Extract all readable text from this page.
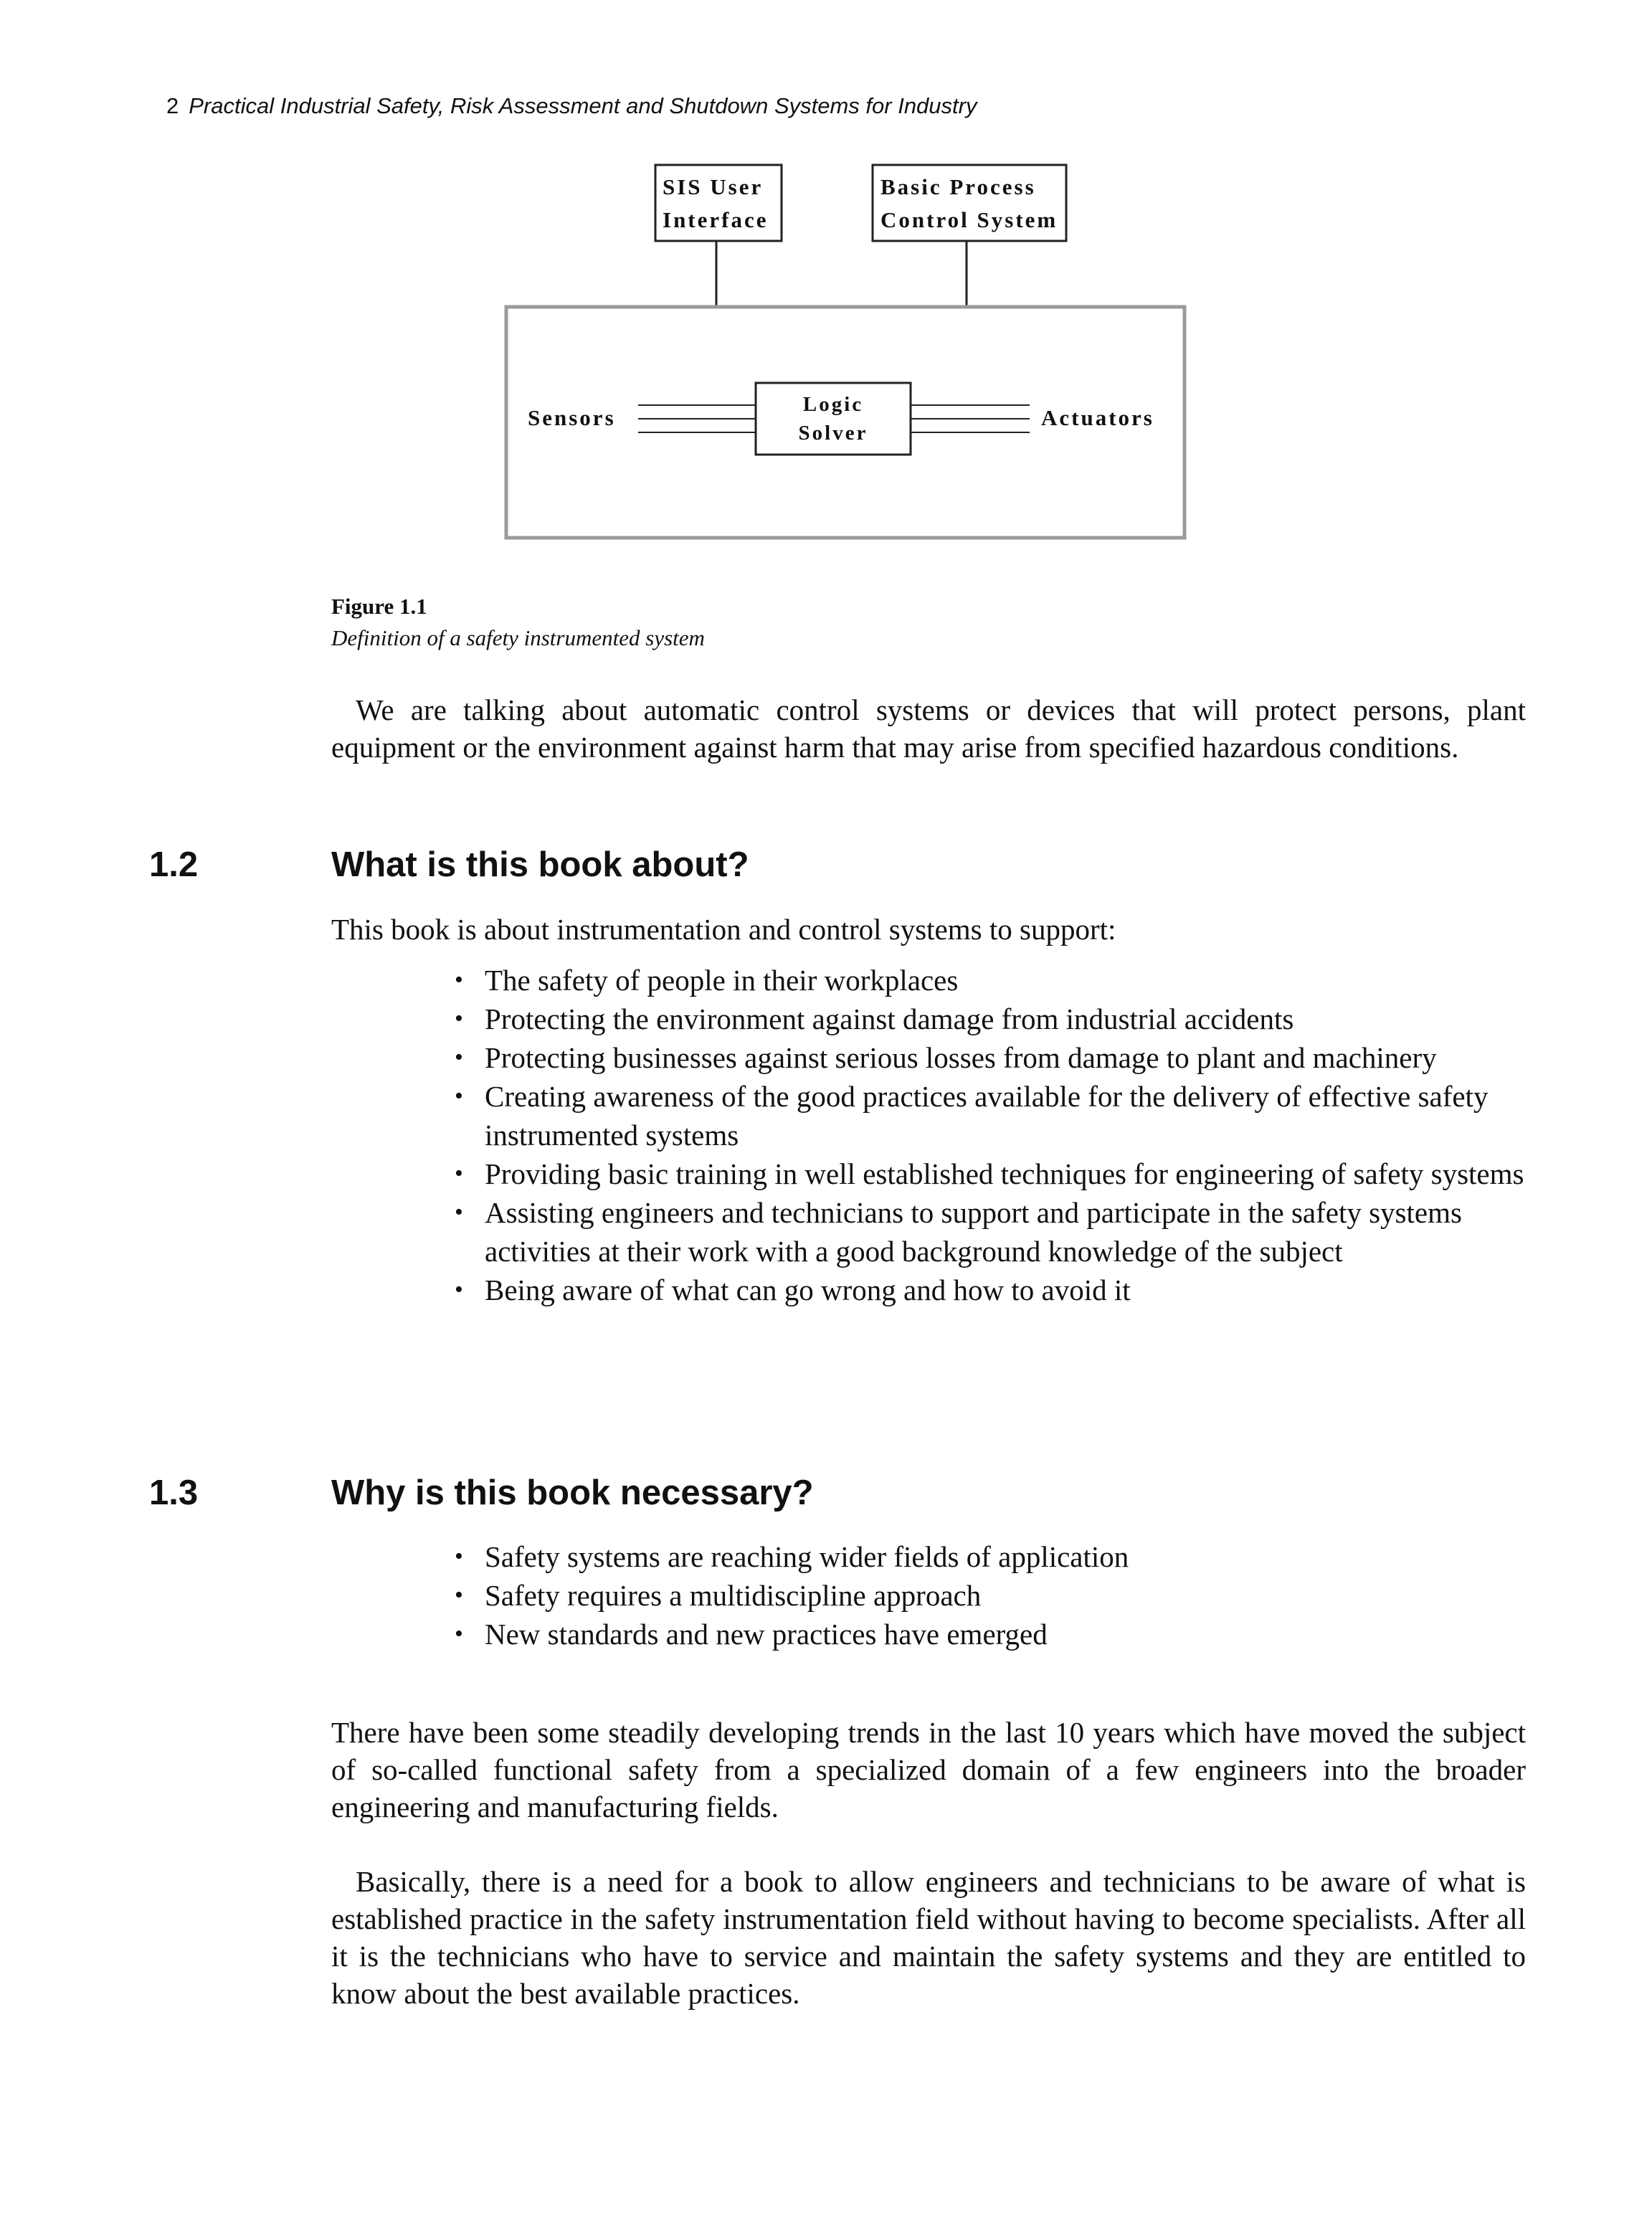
2 Practical Industrial Safety, Risk Assessment and Shutdown Systems for Industry
SIS User
Interface
Basic Process
Control System
Sensors
Logic
Solver
Actuators
Figure 1.1
Definition of a safety instrumented system

We are talking about automatic control systems or devices that will protect persons, plant equipment or the environment against harm that may arise from specified hazardous conditions.

1.2	What is this book about?

This book is about instrumentation and control systems to support:

• The safety of people in their workplaces
• Protecting the environment against damage from industrial accidents
• Protecting businesses against serious losses from damage to plant and machinery
• Creating awareness of the good practices available for the delivery of effective safety instrumented systems
• Providing basic training in well established techniques for engineering of safety systems
• Assisting engineers and technicians to support and participate in the safety systems activities at their work with a good background knowledge of the subject
• Being aware of what can go wrong and how to avoid it
1.3	Why is this book necessary?
• Safety systems are reaching wider fields of application
• Safety requires a multidiscipline approach
• New standards and new practices have emerged

There have been some steadily developing trends in the last 10 years which have moved the subject of so-called functional safety from a specialized domain of a few engineers into the broader engineering and manufacturing fields.

Basically, there is a need for a book to allow engineers and technicians to be aware of what is established practice in the safety instrumentation field without having to become specialists. After all it is the technicians who have to service and maintain the safety systems and they are entitled to know about the best available practices.
